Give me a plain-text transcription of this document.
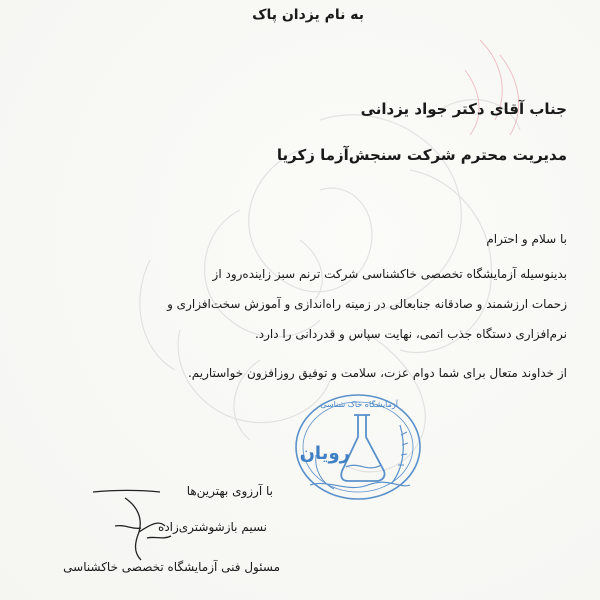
به نام یزدان پاک
جناب آقای دکتر جواد یزدانی
مدیریت محترم شرکت سنجش‌آزما زکریا
با سلام و احترام
بدینوسیله آزمایشگاه تخصصی خاکشناسی شرکت ترنم سبز زاینده‌رود از
زحمات ارزشمند و صادقانه جنابعالی در زمینه راه‌اندازی و آموزش سخت‌افزاری و
نرم‌افزاری دستگاه جذب اتمی، نهایت سپاس و قدردانی را دارد.
از خداوند متعال برای شما دوام عزت، سلامت و توفیق روزافزون خواستاریم.
آزمایشگاه خاک شناسی
رویان
با آرزوی بهترین‌ها
نسیم بازشوشتری‌زاده
مسئول فنی آزمایشگاه تخصصی خاکشناسی
